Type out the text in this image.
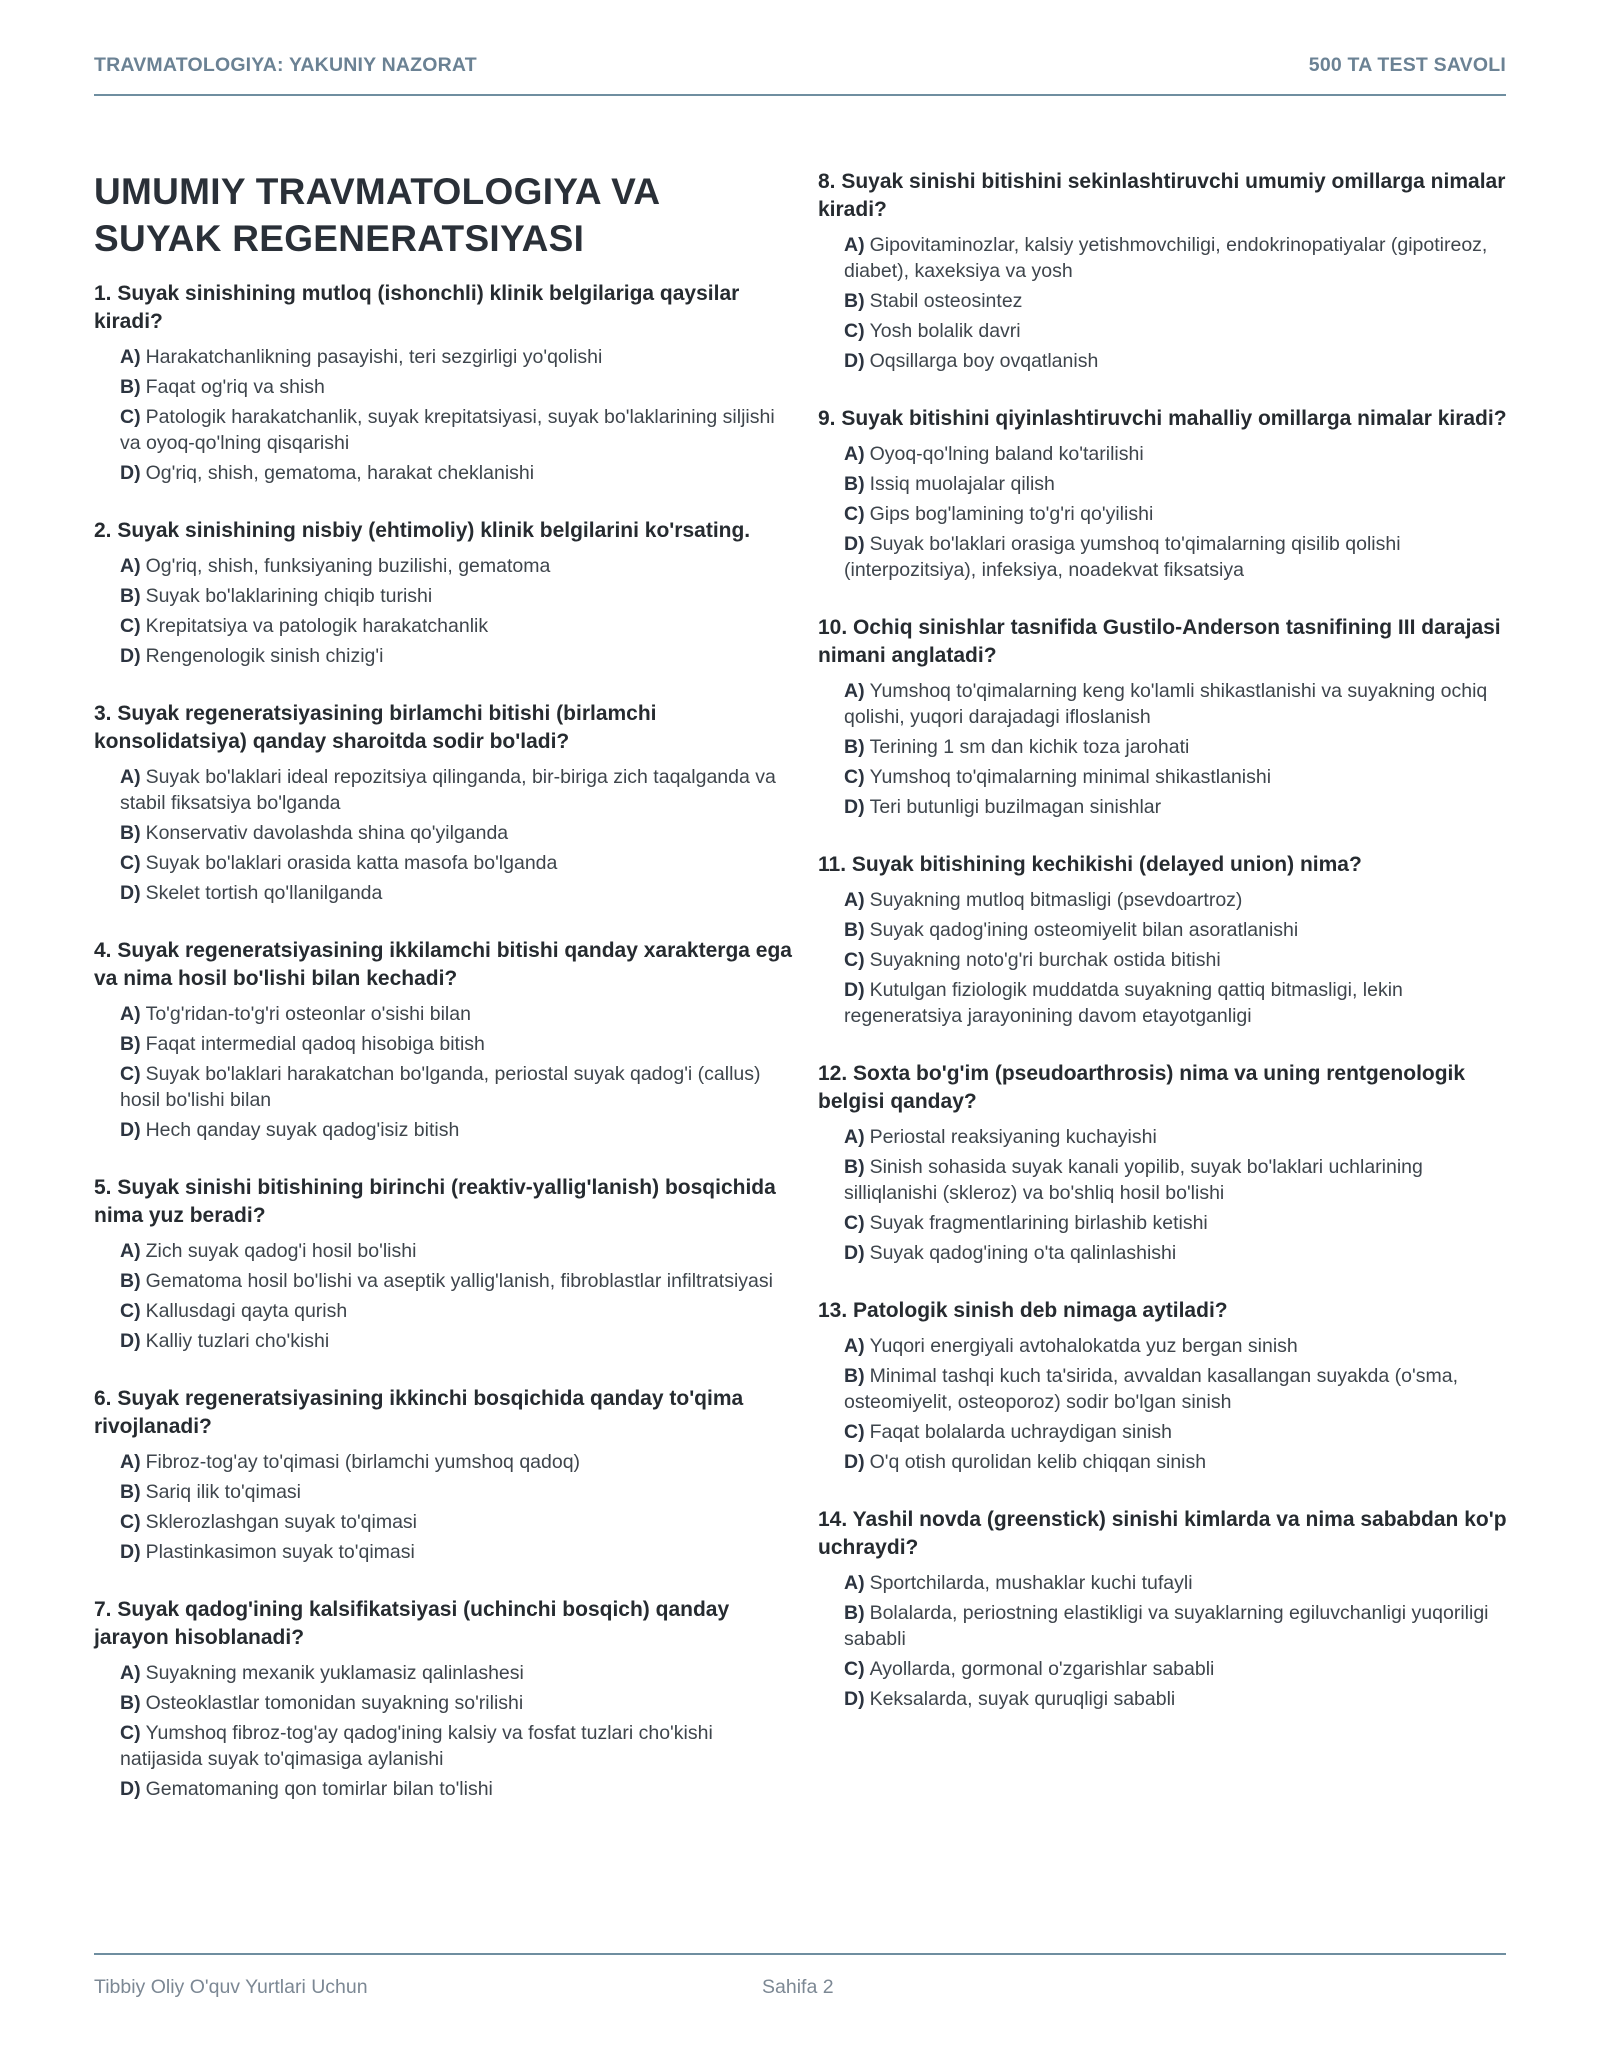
TRAVMATOLOGIYA: YAKUNIY NAZORAT	500 TA TEST SAVOLI
UMUMIY TRAVMATOLOGIYA VA SUYAK REGENERATSIYASI
1. Suyak sinishining mutloq (ishonchli) klinik belgilariga qaysilar kiradi?
A) Harakatchanlikning pasayishi, teri sezgirligi yo'qolishi
B) Faqat og'riq va shish
C) Patologik harakatchanlik, suyak krepitatsiyasi, suyak bo'laklarining siljishi va oyoq-qo'lning qisqarishi
D) Og'riq, shish, gematoma, harakat cheklanishi
2. Suyak sinishining nisbiy (ehtimoliy) klinik belgilarini ko'rsating.
A) Og'riq, shish, funksiyaning buzilishi, gematoma
B) Suyak bo'laklarining chiqib turishi
C) Krepitatsiya va patologik harakatchanlik
D) Rengenologik sinish chizig'i
3. Suyak regeneratsiyasining birlamchi bitishi (birlamchi konsolidatsiya) qanday sharoitda sodir bo'ladi?
A) Suyak bo'laklari ideal repozitsiya qilinganda, bir-biriga zich taqalganda va stabil fiksatsiya bo'lganda
B) Konservativ davolashda shina qo'yilganda
C) Suyak bo'laklari orasida katta masofa bo'lganda
D) Skelet tortish qo'llanilganda
4. Suyak regeneratsiyasining ikkilamchi bitishi qanday xarakterga ega va nima hosil bo'lishi bilan kechadi?
A) To'g'ridan-to'g'ri osteonlar o'sishi bilan
B) Faqat intermedial qadoq hisobiga bitish
C) Suyak bo'laklari harakatchan bo'lganda, periostal suyak qadog'i (callus) hosil bo'lishi bilan
D) Hech qanday suyak qadog'isiz bitish
5. Suyak sinishi bitishining birinchi (reaktiv-yallig'lanish) bosqichida nima yuz beradi?
A) Zich suyak qadog'i hosil bo'lishi
B) Gematoma hosil bo'lishi va aseptik yallig'lanish, fibroblastlar infiltratsiyasi
C) Kallusdagi qayta qurish
D) Kalliy tuzlari cho'kishi
6. Suyak regeneratsiyasining ikkinchi bosqichida qanday to'qima rivojlanadi?
A) Fibroz-tog'ay to'qimasi (birlamchi yumshoq qadoq)
B) Sariq ilik to'qimasi
C) Sklerozlashgan suyak to'qimasi
D) Plastinkasimon suyak to'qimasi
7. Suyak qadog'ining kalsifikatsiyasi (uchinchi bosqich) qanday jarayon hisoblanadi?
A) Suyakning mexanik yuklamasiz qalinlashesi
B) Osteoklastlar tomonidan suyakning so'rilishi
C) Yumshoq fibroz-tog'ay qadog'ining kalsiy va fosfat tuzlari cho'kishi natijasida suyak to'qimasiga aylanishi
D) Gematomaning qon tomirlar bilan to'lishi
8. Suyak sinishi bitishini sekinlashtiruvchi umumiy omillarga nimalar kiradi?
A) Gipovitaminozlar, kalsiy yetishmovchiligi, endokrinopatiyalar (gipotireoz, diabet), kaxeksiya va yosh
B) Stabil osteosintez
C) Yosh bolalik davri
D) Oqsillarga boy ovqatlanish
9. Suyak bitishini qiyinlashtiruvchi mahalliy omillarga nimalar kiradi?
A) Oyoq-qo'lning baland ko'tarilishi
B) Issiq muolajalar qilish
C) Gips bog'lamining to'g'ri qo'yilishi
D) Suyak bo'laklari orasiga yumshoq to'qimalarning qisilib qolishi (interpozitsiya), infeksiya, noadekvat fiksatsiya
10. Ochiq sinishlar tasnifida Gustilo-Anderson tasnifining III darajasi nimani anglatadi?
A) Yumshoq to'qimalarning keng ko'lamli shikastlanishi va suyakning ochiq qolishi, yuqori darajadagi ifloslanish
B) Terining 1 sm dan kichik toza jarohati
C) Yumshoq to'qimalarning minimal shikastlanishi
D) Teri butunligi buzilmagan sinishlar
11. Suyak bitishining kechikishi (delayed union) nima?
A) Suyakning mutloq bitmasligi (psevdoartroz)
B) Suyak qadog'ining osteomiyelit bilan asoratlanishi
C) Suyakning noto'g'ri burchak ostida bitishi
D) Kutulgan fiziologik muddatda suyakning qattiq bitmasligi, lekin regeneratsiya jarayonining davom etayotganligi
12. Soxta bo'g'im (pseudoarthrosis) nima va uning rentgenologik belgisi qanday?
A) Periostal reaksiyaning kuchayishi
B) Sinish sohasida suyak kanali yopilib, suyak bo'laklari uchlarining silliqlanishi (skleroz) va bo'shliq hosil bo'lishi
C) Suyak fragmentlarining birlashib ketishi
D) Suyak qadog'ining o'ta qalinlashishi
13. Patologik sinish deb nimaga aytiladi?
A) Yuqori energiyali avtohalokatda yuz bergan sinish
B) Minimal tashqi kuch ta'sirida, avvaldan kasallangan suyakda (o'sma, osteomiyelit, osteoporoz) sodir bo'lgan sinish
C) Faqat bolalarda uchraydigan sinish
D) O'q otish qurolidan kelib chiqqan sinish
14. Yashil novda (greenstick) sinishi kimlarda va nima sababdan ko'p uchraydi?
A) Sportchilarda, mushaklar kuchi tufayli
B) Bolalarda, periostning elastikligi va suyaklarning egiluvchanligi yuqoriligi sababli
C) Ayollarda, gormonal o'zgarishlar sababli
D) Keksalarda, suyak quruqligi sababli
Tibbiy Oliy O'quv Yurtlari Uchun	Sahifa 2
